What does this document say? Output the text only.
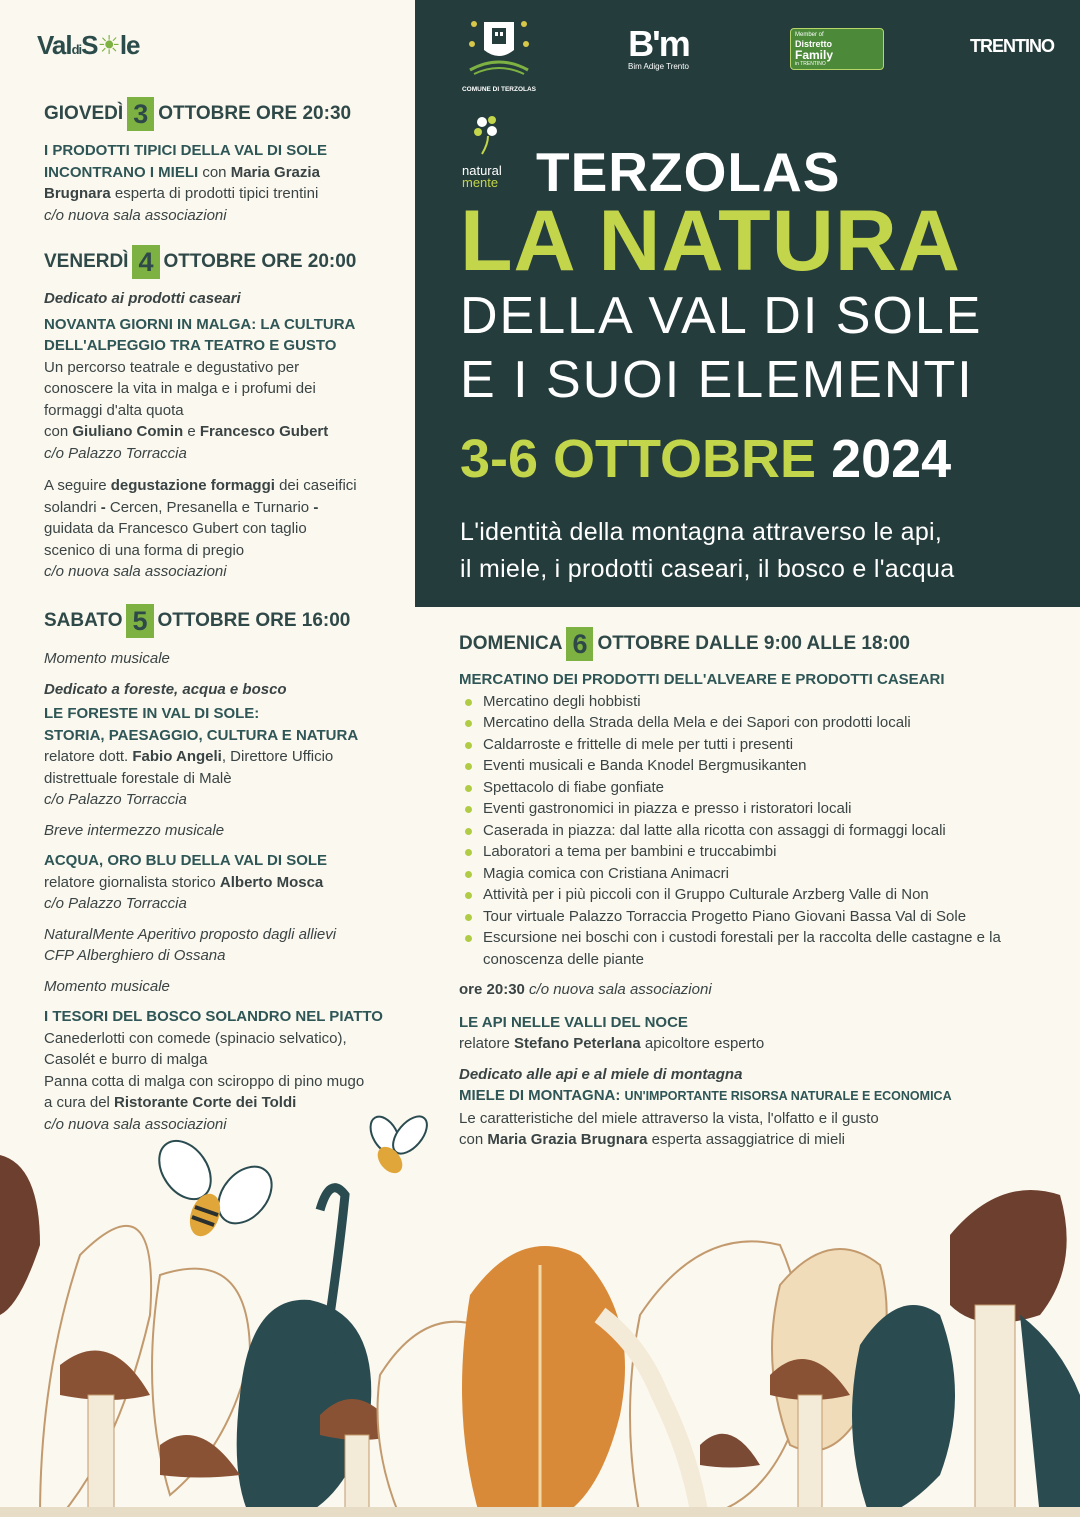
ValdiS☀le
COMUNE DI TERZOLAS
B'm
Bim Adige Trento
Member of
Distretto
Family
in TRENTINO
TRENTINO
natural
mente TERZOLAS
LA NATURA
DELLA VAL DI SOLE
E I SUOI ELEMENTI
3-6 OTTOBRE 2024
L'identità della montagna attraverso le api,
il miele, i prodotti caseari, il bosco e l'acqua
GIOVEDÌ 3 OTTOBRE ORE 20:30

I PRODOTTI TIPICI DELLA VAL DI SOLE

INCONTRANO I MIELI con Maria Grazia

Brugnara esperta di prodotti tipici trentini

c/o nuova sala associazioni

VENERDÌ 4 OTTOBRE ORE 20:00

Dedicato ai prodotti caseari

NOVANTA GIORNI IN MALGA: LA CULTURA

DELL'ALPEGGIO TRA TEATRO E GUSTO

Un percorso teatrale e degustativo per

conoscere la vita in malga e i profumi dei

formaggi d'alta quota

con Giuliano Comin e Francesco Gubert

c/o Palazzo Torraccia

A seguire degustazione formaggi dei caseifici

solandri - Cercen, Presanella e Turnario -

guidata da Francesco Gubert con taglio

scenico di una forma di pregio

c/o nuova sala associazioni

SABATO 5 OTTOBRE ORE 16:00

Momento musicale

Dedicato a foreste, acqua e bosco

LE FORESTE IN VAL DI SOLE:

STORIA, PAESAGGIO, CULTURA E NATURA

relatore dott. Fabio Angeli, Direttore Ufficio

distrettuale forestale di Malè

c/o Palazzo Torraccia

Breve intermezzo musicale

ACQUA, ORO BLU DELLA VAL DI SOLE

relatore giornalista storico Alberto Mosca

c/o Palazzo Torraccia

NaturalMente Aperitivo proposto dagli allievi

CFP Alberghiero di Ossana

Momento musicale

I TESORI DEL BOSCO SOLANDRO NEL PIATTO

Canederlotti con comede (spinacio selvatico),

Casolét e burro di malga

Panna cotta di malga con sciroppo di pino mugo

a cura del Ristorante Corte dei Toldi

c/o nuova sala associazioni

DOMENICA 6 OTTOBRE DALLE 9:00 ALLE 18:00

MERCATINO DEI PRODOTTI DELL'ALVEARE E PRODOTTI CASEARI

Mercatino degli hobbisti
Mercatino della Strada della Mela e dei Sapori con prodotti locali
Caldarroste e frittelle di mele per tutti i presenti
Eventi musicali e Banda Knodel Bergmusikanten
Spettacolo di fiabe gonfiate
Eventi gastronomici in piazza e presso i ristoratori locali
Caserada in piazza: dal latte alla ricotta con assaggi di formaggi locali
Laboratori a tema per bambini e truccabimbi
Magia comica con Cristiana Animacri
Attività per i più piccoli con il Gruppo Culturale Arzberg Valle di Non
Tour virtuale Palazzo Torraccia Progetto Piano Giovani Bassa Val di Sole
Escursione nei boschi con i custodi forestali per la raccolta delle castagne e la conoscenza delle piante

ore 20:30 c/o nuova sala associazioni

LE API NELLE VALLI DEL NOCE

relatore Stefano Peterlana apicoltore esperto

Dedicato alle api e al miele di montagna

MIELE DI MONTAGNA: UN'IMPORTANTE RISORSA NATURALE E ECONOMICA

Le caratteristiche del miele attraverso la vista, l'olfatto e il gusto

con Maria Grazia Brugnara esperta assaggiatrice di mieli
